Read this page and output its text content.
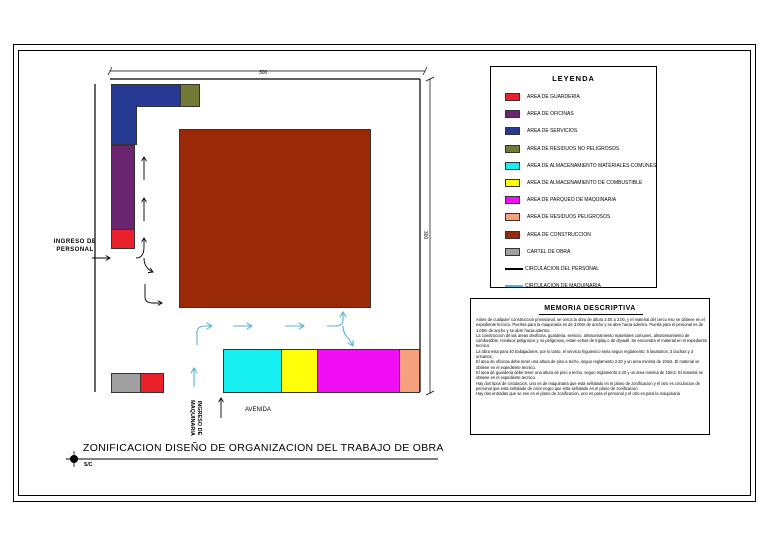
300
300
INGRESO DE PERSONAL
INGRESO DE MAQUINARIA	AVENIDA
ZONIFICACION DISEÑO DE ORGANIZACION DEL TRABAJO DE OBRA
S/C
LEYENDA
AREA DE GUARDERIA
AREA DE OFICINAS
AREA DE SERVICIOS
AREA DE RESIDUOS NO PELIGROSOS
AREA DE ALMACENAMIENTO MATERIALES COMUNES
AREA DE ALMACENAMIENTO DE COMBUSTIBLE
AREA DE PARQUEO DE MAQUINARIA
AREA DE RESIDUOS PELIGROSOS
AREA DE CONSTRUCCION
CARTEL DE OBRA
CIRCULACION DEL PERSONAL
CIRCULACION DE MAQUINARIA
MEMORIA DESCRIPTIVA

Antes de cualquier construccion provisional, se cerca la obra de altura 2.00 a 3.00, y el material del cerco eso se obtiene en el expediente tecnico. Puertas para la maquinaria es de 3.00m de ancho y se abre hacia adentro. Puerta para el personal es de 1.00m de ancho y se abre hacia adentro.

La construccion de las areas deoficina, guarderia, servicio, almacenamiento materiales comunes, almacenamiento de combustible, residuos peligrosos y no peligrosos, estan echas de triplay o de drywall. Se encuentra el material en el expediente tecnico.

La obra esta para 40 trabajadores, por lo tanto, el servicio higuienico seria segun reglamento, 5 lavatorios, 3 duchas y 3 urinarios.

El area de oficinas debe tener una altura de piso a techo, segun reglamento 2.20 y un area minima de 10m2. El material se obtiene en el expediente tecnico.

El area de guarderia debe tener una altura de piso a techo, segun reglamento 2.20 y un area minima de 10m2. El material se obtiene en el expediente tecnico.

Hay dos tipos de circulacion, uno es de maquinaria que esta señalado en el plano de zonificacion y el otro es circulacion de personal que esta señalado de color negro que esta señalado en el plano de zonificacion

Hay dos entradas que se see en el plano de zonificacion, uno es para el personal y el otro es para la maquinaria
